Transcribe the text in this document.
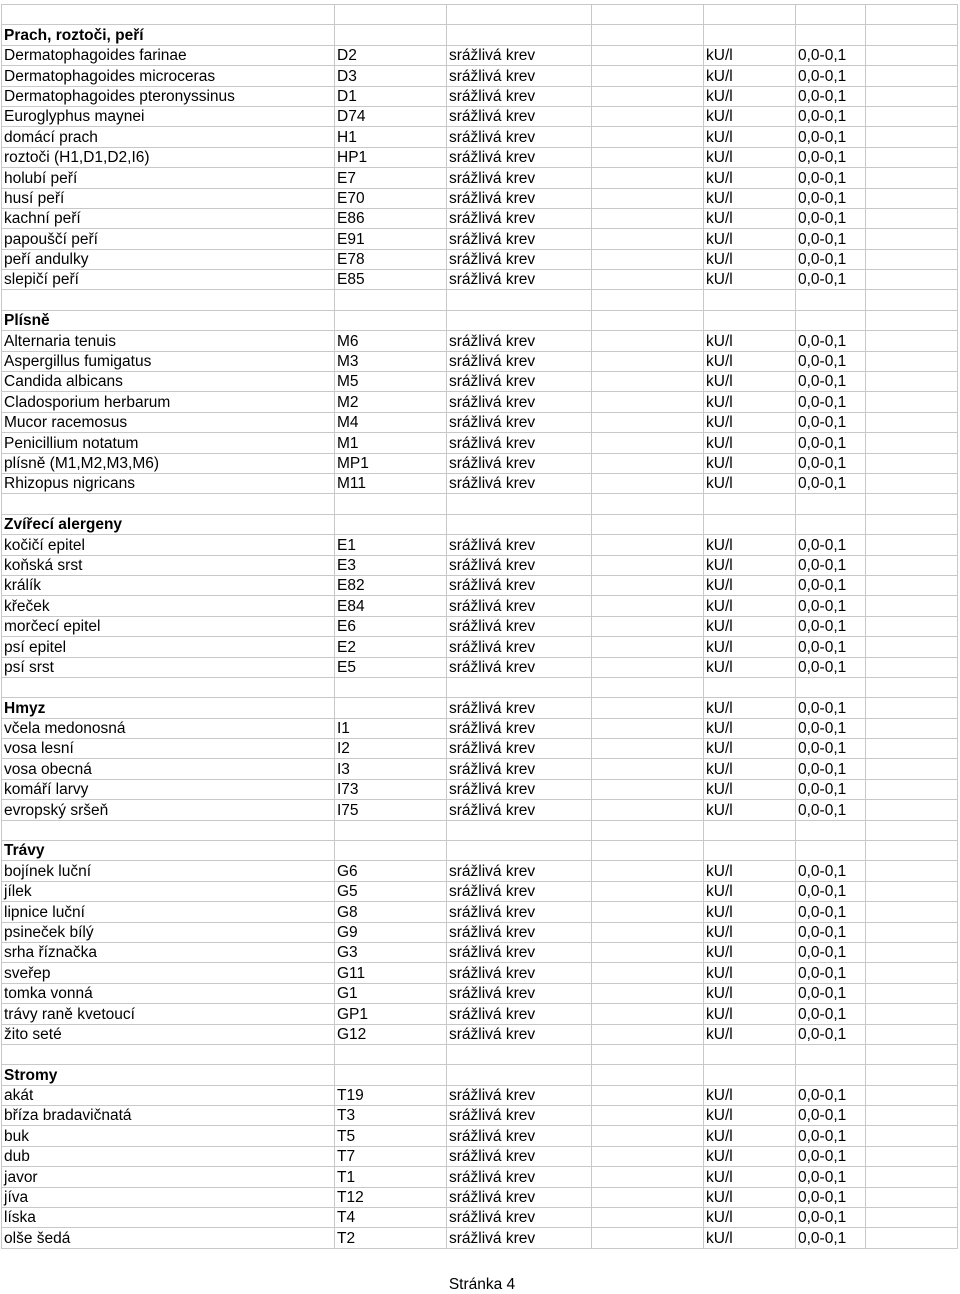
Prach, roztoči, peří						
Dermatophagoides farinae	D2	srážlivá krev		kU/l	0,0-0,1	
Dermatophagoides microceras	D3	srážlivá krev		kU/l	0,0-0,1	
Dermatophagoides pteronyssinus	D1	srážlivá krev		kU/l	0,0-0,1	
Euroglyphus maynei	D74	srážlivá krev		kU/l	0,0-0,1	
domácí prach	H1	srážlivá krev		kU/l	0,0-0,1	
roztoči (H1,D1,D2,I6)	HP1	srážlivá krev		kU/l	0,0-0,1	
holubí peří	E7	srážlivá krev		kU/l	0,0-0,1	
husí peří	E70	srážlivá krev		kU/l	0,0-0,1	
kachní peří	E86	srážlivá krev		kU/l	0,0-0,1	
papouščí peří	E91	srážlivá krev		kU/l	0,0-0,1	
peří andulky	E78	srážlivá krev		kU/l	0,0-0,1	
slepičí peří	E85	srážlivá krev		kU/l	0,0-0,1	

Plísně						
Alternaria tenuis	M6	srážlivá krev		kU/l	0,0-0,1	
Aspergillus fumigatus	M3	srážlivá krev		kU/l	0,0-0,1	
Candida albicans	M5	srážlivá krev		kU/l	0,0-0,1	
Cladosporium herbarum	M2	srážlivá krev		kU/l	0,0-0,1	
Mucor racemosus	M4	srážlivá krev		kU/l	0,0-0,1	
Penicillium notatum	M1	srážlivá krev		kU/l	0,0-0,1	
plísně (M1,M2,M3,M6)	MP1	srážlivá krev		kU/l	0,0-0,1	
Rhizopus nigricans	M11	srážlivá krev		kU/l	0,0-0,1	

Zvířecí alergeny						
kočičí epitel	E1	srážlivá krev		kU/l	0,0-0,1	
koňská srst	E3	srážlivá krev		kU/l	0,0-0,1	
králík	E82	srážlivá krev		kU/l	0,0-0,1	
křeček	E84	srážlivá krev		kU/l	0,0-0,1	
morčecí epitel	E6	srážlivá krev		kU/l	0,0-0,1	
psí epitel	E2	srážlivá krev		kU/l	0,0-0,1	
psí srst	E5	srážlivá krev		kU/l	0,0-0,1	

Hmyz		srážlivá krev		kU/l	0,0-0,1	
včela medonosná	I1	srážlivá krev		kU/l	0,0-0,1	
vosa lesní	I2	srážlivá krev		kU/l	0,0-0,1	
vosa obecná	I3	srážlivá krev		kU/l	0,0-0,1	
komáří larvy	I73	srážlivá krev		kU/l	0,0-0,1	
evropský sršeň	I75	srážlivá krev		kU/l	0,0-0,1	

Trávy						
bojínek luční	G6	srážlivá krev		kU/l	0,0-0,1	
jílek	G5	srážlivá krev		kU/l	0,0-0,1	
lipnice luční	G8	srážlivá krev		kU/l	0,0-0,1	
psineček bílý	G9	srážlivá krev		kU/l	0,0-0,1	
srha říznačka	G3	srážlivá krev		kU/l	0,0-0,1	
sveřep	G11	srážlivá krev		kU/l	0,0-0,1	
tomka vonná	G1	srážlivá krev		kU/l	0,0-0,1	
trávy raně kvetoucí	GP1	srážlivá krev		kU/l	0,0-0,1	
žito seté	G12	srážlivá krev		kU/l	0,0-0,1	

Stromy						
akát	T19	srážlivá krev		kU/l	0,0-0,1	
bříza bradavičnatá	T3	srážlivá krev		kU/l	0,0-0,1	
buk	T5	srážlivá krev		kU/l	0,0-0,1	
dub	T7	srážlivá krev		kU/l	0,0-0,1	
javor	T1	srážlivá krev		kU/l	0,0-0,1	
jíva	T12	srážlivá krev		kU/l	0,0-0,1	
líska	T4	srážlivá krev		kU/l	0,0-0,1	
olše šedá	T2	srážlivá krev		kU/l	0,0-0,1	
Stránka 4
